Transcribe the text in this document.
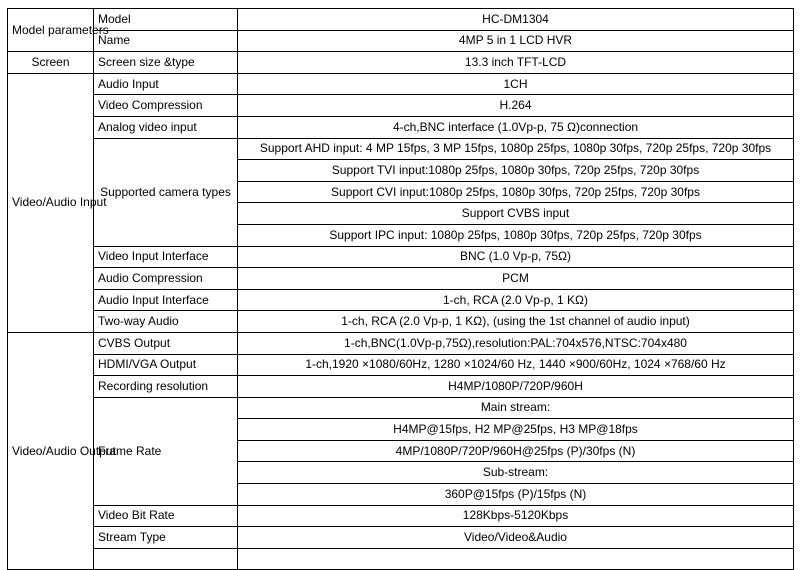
Model parameters	Model	HC-DM1304
	Name	4MP 5 in 1 LCD HVR
Screen	Screen size &type	13.3 inch TFT-LCD
Video/Audio Input	Audio Input	1CH
	Video Compression	H.264
	Analog video input	4-ch,BNC interface (1.0Vp-p, 75 Ω)connection
	Supported camera types	Support AHD input: 4 MP 15fps, 3 MP 15fps, 1080p 25fps, 1080p 30fps, 720p 25fps, 720p 30fps
		Support TVI input:1080p 25fps, 1080p 30fps, 720p 25fps, 720p 30fps
		Support CVI input:1080p 25fps, 1080p 30fps, 720p 25fps, 720p 30fps
		Support CVBS input
		Support IPC input: 1080p 25fps, 1080p 30fps, 720p 25fps, 720p 30fps
	Video Input Interface	BNC (1.0 Vp-p, 75Ω)
	Audio Compression	PCM
	Audio Input Interface	1-ch, RCA (2.0 Vp-p, 1 KΩ)
	Two-way Audio	1-ch, RCA (2.0 Vp-p, 1 KΩ), (using the 1st channel of audio input)
Video/Audio Output	CVBS Output	1-ch,BNC(1.0Vp-p,75Ω),resolution:PAL:704x576,NTSC:704x480
	HDMI/VGA Output	1-ch,1920 ×1080/60Hz, 1280 ×1024/60 Hz, 1440 ×900/60Hz, 1024 ×768/60 Hz
	Recording resolution	H4MP/1080P/720P/960H
	Frame Rate	Main stream:
		H4MP@15fps, H2 MP@25fps, H3 MP@18fps
		4MP/1080P/720P/960H@25fps (P)/30fps (N)
		Sub-stream:
		360P@15fps (P)/15fps (N)
	Video Bit Rate	128Kbps-5120Kbps
	Stream Type	Video/Video&Audio
